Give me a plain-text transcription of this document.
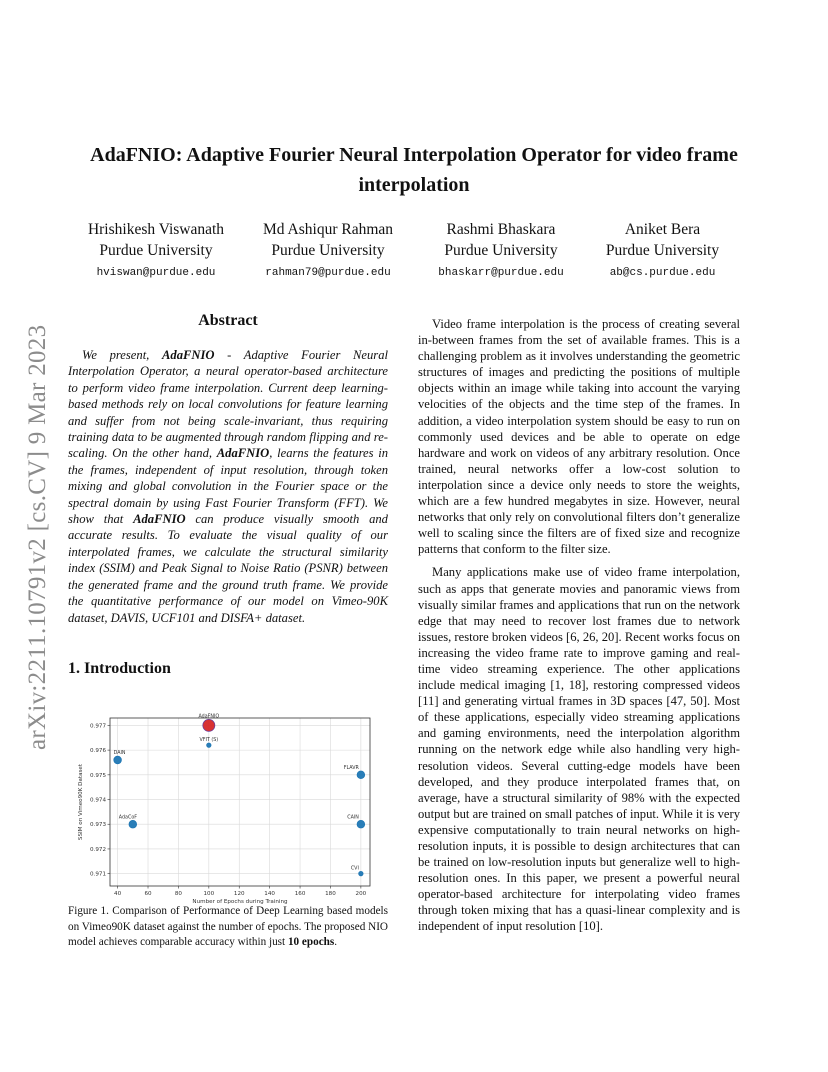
arXiv:2211.10791v2 [cs.CV] 9 Mar 2023
AdaFNIO: Adaptive Fourier Neural Interpolation Operator for video frame interpolation
Hrishikesh Viswanath
Purdue University
hviswan@purdue.edu
Md Ashiqur Rahman
Purdue University
rahman79@purdue.edu
Rashmi Bhaskara
Purdue University
bhaskarr@purdue.edu
Aniket Bera
Purdue University
ab@cs.purdue.edu
Abstract

We present, AdaFNIO - Adaptive Fourier Neural Interpolation Operator, a neural operator-based architecture to perform video frame interpolation. Current deep learning-based methods rely on local convolutions for feature learning and suffer from not being scale-invariant, thus requiring training data to be augmented through random flipping and re-scaling. On the other hand, AdaFNIO, learns the features in the frames, independent of input resolution, through token mixing and global convolution in the Fourier space or the spectral domain by using Fast Fourier Transform (FFT). We show that AdaFNIO can produce visually smooth and accurate results. To evaluate the visual quality of our interpolated frames, we calculate the structural similarity index (SSIM) and Peak Signal to Noise Ratio (PSNR) between the generated frame and the ground truth frame. We provide the quantitative performance of our model on Vimeo-90K dataset, DAVIS, UCF101 and DISFA+ dataset.

1. Introduction
40	60	80	100	120	140	160	180	200
0.971
0.972
0.973
0.974
0.975
0.976
0.977
AdaFNIO
VFIT (S)
DAIN
FLAVR
AdaCoF	CAIN
CVI
Number of Epochs during Training
SSIM on Vimeo90K Dataset

Figure 1. Comparison of Performance of Deep Learning based models on Vimeo90K dataset against the number of epochs. The proposed NIO model achieves comparable accuracy within just 10 epochs.

Video frame interpolation is the process of creating several in-between frames from the set of available frames. This is a challenging problem as it involves understanding the geometric structures of images and predicting the positions of multiple objects within an image while taking into account the varying velocities of the objects and the time step of the frames. In addition, a video interpolation system should be easy to run on commonly used devices and be able to operate on edge hardware and work on videos of any arbitrary resolution. Once trained, neural networks offer a low-cost solution to interpolation since a device only needs to store the weights, which are a few hundred megabytes in size. However, neural networks that only rely on convolutional filters don’t generalize well to scaling since the filters are of fixed size and recognize patterns that conform to the filter size.

Many applications make use of video frame interpolation, such as apps that generate movies and panoramic views from visually similar frames and applications that run on the network edge that may need to recover lost frames due to network issues, restore broken videos [6, 26, 20]. Recent works focus on increasing the video frame rate to improve gaming and real-time video streaming experience. The other applications include medical imaging [1, 18], restoring compressed videos [11] and generating virtual frames in 3D spaces [47, 50]. Most of these applications, especially video streaming applications and gaming environments, need the interpolation algorithm running on the network edge while also handling very high-resolution videos. Several cutting-edge models have been developed, and they produce interpolated frames that, on average, have a structural similarity of 98% with the expected output but are trained on small patches of input. While it is very expensive computationally to train neural networks on high-resolution inputs, it is possible to design architectures that can be trained on low-resolution inputs but generalize well to high-resolution ones. In this paper, we present a powerful neural operator-based architecture for interpolating video frames through token mixing that has a quasi-linear complexity and is independent of input resolution [10].
